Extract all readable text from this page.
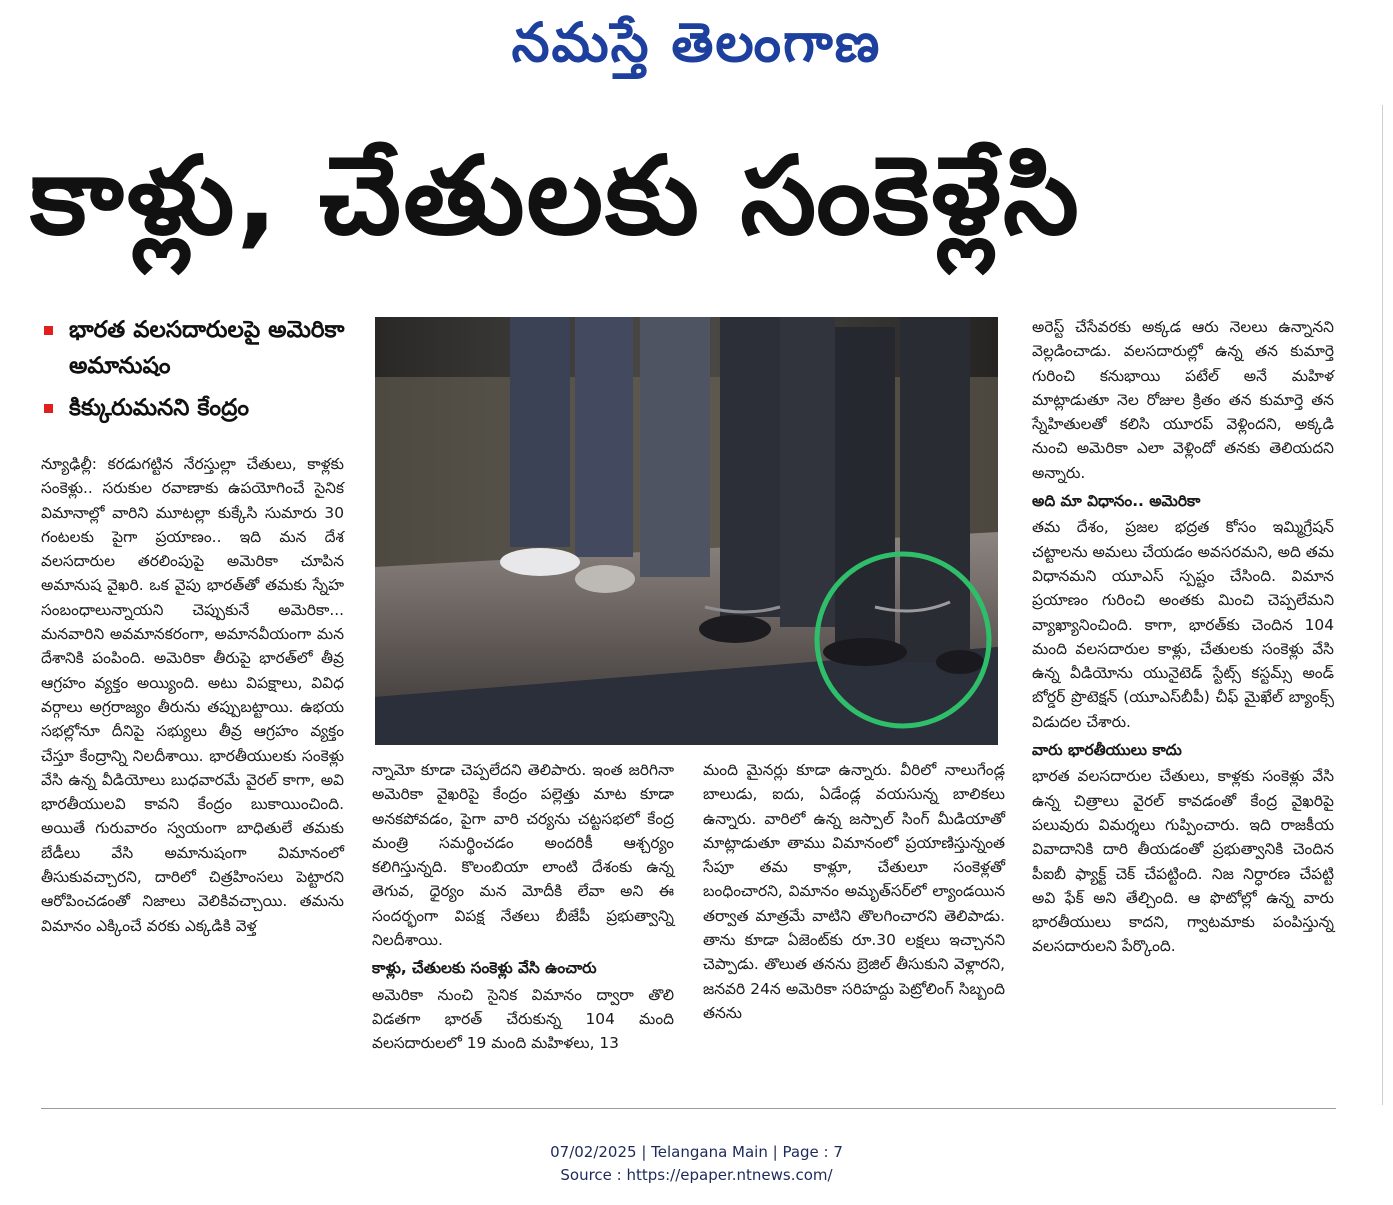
నమస్తే తెలంగాణ
కాళ్లు, చేతులకు సంకెళ్లేసి
భారత వలసదారులపై అమెరికా అమానుషం
కిక్కురుమనని కేంద్రం

న్యూఢిల్లీ: కరడుగట్టిన నేరస్తుల్లా చేతులు, కాళ్లకు సంకెళ్లు.. సరుకుల రవాణాకు ఉపయోగించే సైనిక విమానాల్లో వారిని మూటల్లా కుక్కేసి సుమారు 30 గంటలకు పైగా ప్రయాణం.. ఇది మన దేశ వలసదారుల తరలింపుపై అమెరికా చూపిన అమానుష వైఖరి. ఒక వైపు భారత్‌తో తమకు స్నేహ సంబంధాలున్నాయని చెప్పుకునే అమెరికా... మనవారిని అవమానకరంగా, అమానవీయంగా మన దేశానికి పంపింది. అమెరికా తీరుపై భారత్‌లో తీవ్ర ఆగ్రహం వ్యక్తం అయ్యింది. అటు విపక్షాలు, వివిధ వర్గాలు అగ్రరాజ్యం తీరును తప్పుబట్టాయి. ఉభయ సభల్లోనూ దీనిపై సభ్యులు తీవ్ర ఆగ్రహం వ్యక్తం చేస్తూ కేంద్రాన్ని నిలదీశాయి. భారతీయులకు సంకెళ్లు వేసి ఉన్న వీడియోలు బుధవారమే వైరల్ కాగా, అవి భారతీయులవి కావని కేంద్రం బుకాయించింది. అయితే గురువారం స్వయంగా బాధితులే తమకు బేడీలు వేసి అమానుషంగా విమానంలో తీసుకువచ్చారని, దారిలో చిత్రహింసలు పెట్టారని ఆరోపించడంతో నిజాలు వెలికివచ్చాయి. తమను విమానం ఎక్కించే వరకు ఎక్కడికి వెళ్త

న్నామో కూడా చెప్పలేదని తెలిపారు. ఇంత జరిగినా అమెరికా వైఖరిపై కేంద్రం పల్లెత్తు మాట కూడా అనకపోవడం, పైగా వారి చర్యను చట్టసభలో కేంద్ర మంత్రి సమర్థించడం అందరికీ ఆశ్చర్యం కలిగిస్తున్నది. కొలంబియా లాంటి దేశంకు ఉన్న తెగువ, ధైర్యం మన మోదీకి లేవా అని ఈ సందర్భంగా విపక్ష నేతలు బీజేపీ ప్రభుత్వాన్ని నిలదీశాయి.

కాళ్లు, చేతులకు సంకెళ్లు వేసి ఉంచారు

అమెరికా నుంచి సైనిక విమానం ద్వారా తొలి విడతగా భారత్ చేరుకున్న 104 మంది వలసదారులలో 19 మంది మహిళలు, 13

మంది మైనర్లు కూడా ఉన్నారు. వీరిలో నాలుగేండ్ల బాలుడు, ఐదు, ఏడేండ్ల వయసున్న బాలికలు ఉన్నారు. వారిలో ఉన్న జస్పాల్ సింగ్ మీడియాతో మాట్లాడుతూ తాము విమానంలో ప్రయాణిస్తున్నంత సేపూ తమ కాళ్లూ, చేతులూ సంకెళ్లతో బంధించారని, విమానం అమృత్‌సర్‌లో ల్యాండయిన తర్వాత మాత్రమే వాటిని తొలగించారని తెలిపాడు. తాను కూడా ఏజెంట్‌కు రూ.30 లక్షలు ఇచ్చానని చెప్పాడు. తొలుత తనను బ్రెజిల్ తీసుకుని వెళ్లారని, జనవరి 24న అమెరికా సరిహద్దు పెట్రోలింగ్ సిబ్బంది తనను

అరెస్ట్ చేసేవరకు అక్కడ ఆరు నెలలు ఉన్నానని వెల్లడించాడు. వలసదారుల్లో ఉన్న తన కుమార్తె గురించి కనుభాయి పటేల్ అనే మహిళ మాట్లాడుతూ నెల రోజుల క్రితం తన కుమార్తె తన స్నేహితులతో కలిసి యూరప్ వెళ్లిందని, అక్కడి నుంచి అమెరికా ఎలా వెళ్లిందో తనకు తెలియదని అన్నారు.

అది మా విధానం.. అమెరికా

తమ దేశం, ప్రజల భద్రత కోసం ఇమ్మిగ్రేషన్ చట్టాలను అమలు చేయడం అవసరమని, అది తమ విధానమని యూఎస్ స్పష్టం చేసింది. విమాన ప్రయాణం గురించి అంతకు మించి చెప్పలేమని వ్యాఖ్యానించింది. కాగా, భారత్‌కు చెందిన 104 మంది వలసదారుల కాళ్లు, చేతులకు సంకెళ్లు వేసి ఉన్న వీడియోను యునైటెడ్ స్టేట్స్ కస్టమ్స్ అండ్ బోర్డర్ ప్రొటెక్షన్ (యూఎస్‌బీపీ) చీఫ్ మైఖేల్ బ్యాంక్స్ విడుదల చేశారు.

వారు భారతీయులు కాదు

భారత వలసదారుల చేతులు, కాళ్లకు సంకెళ్లు వేసి ఉన్న చిత్రాలు వైరల్ కావడంతో కేంద్ర వైఖరిపై పలువురు విమర్శలు గుప్పించారు. ఇది రాజకీయ వివాదానికి దారి తీయడంతో ప్రభుత్వానికి చెందిన పీఐబీ ఫ్యాక్ట్ చెక్ చేపట్టింది. నిజ నిర్ధారణ చేపట్టి అవి ఫేక్ అని తేల్చింది. ఆ ఫొటోల్లో ఉన్న వారు భారతీయులు కాదని, గ్వాటమాకు పంపిస్తున్న వలసదారులని పేర్కొంది.

07/02/2025 | Telangana Main | Page : 7
Source : https://epaper.ntnews.com/
